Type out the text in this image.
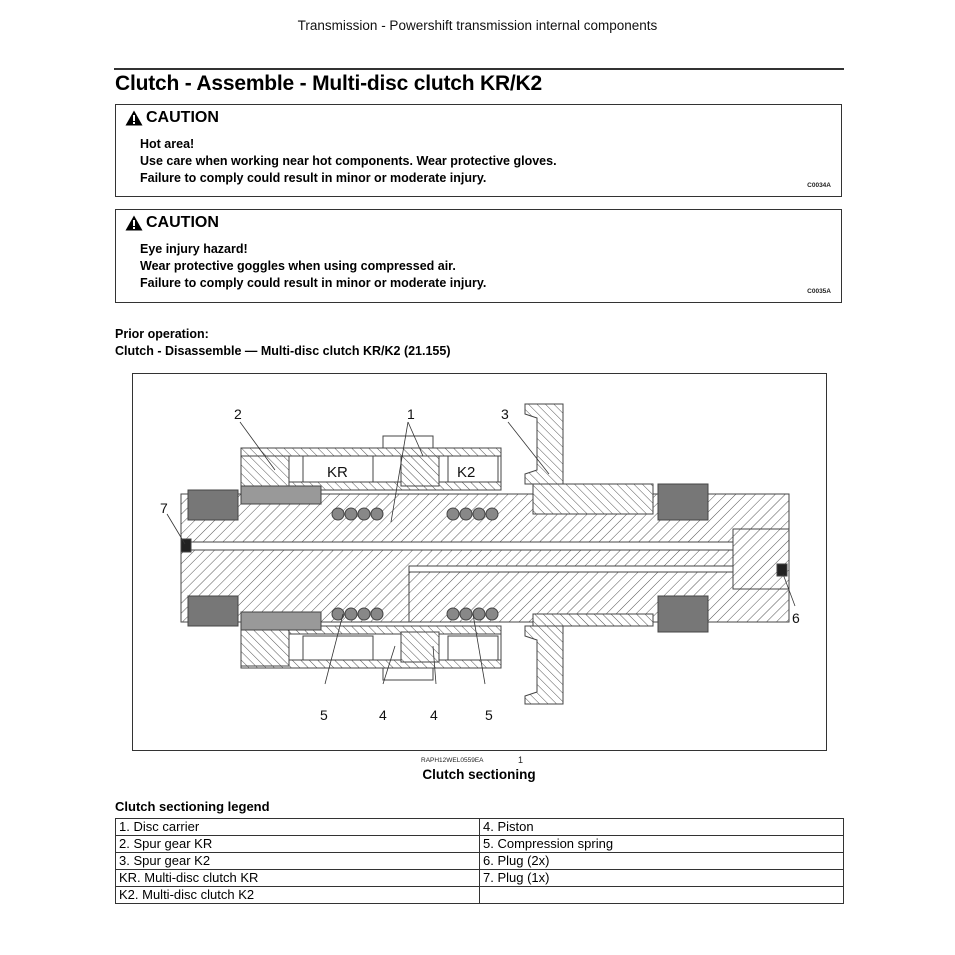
Transmission - Powershift transmission internal components
Clutch - Assemble - Multi-disc clutch KR/K2
CAUTION
Hot area!
Use care when working near hot components. Wear protective gloves.
Failure to comply could result in minor or moderate injury.
C0034A
CAUTION
Eye injury hazard!
Wear protective goggles when using compressed air.
Failure to comply could result in minor or moderate injury.
C0035A
Prior operation:
Clutch - Disassemble — Multi-disc clutch KR/K2 (21.155)
2	1	3
7
6
5	4	4	5
KR	K2
RAPH12WEL0559EA	1
Clutch sectioning
Clutch sectioning legend
1. Disc carrier	4. Piston
2. Spur gear KR	5. Compression spring
3. Spur gear K2	6. Plug (2x)
KR. Multi-disc clutch KR	7. Plug (1x)
K2. Multi-disc clutch K2	
